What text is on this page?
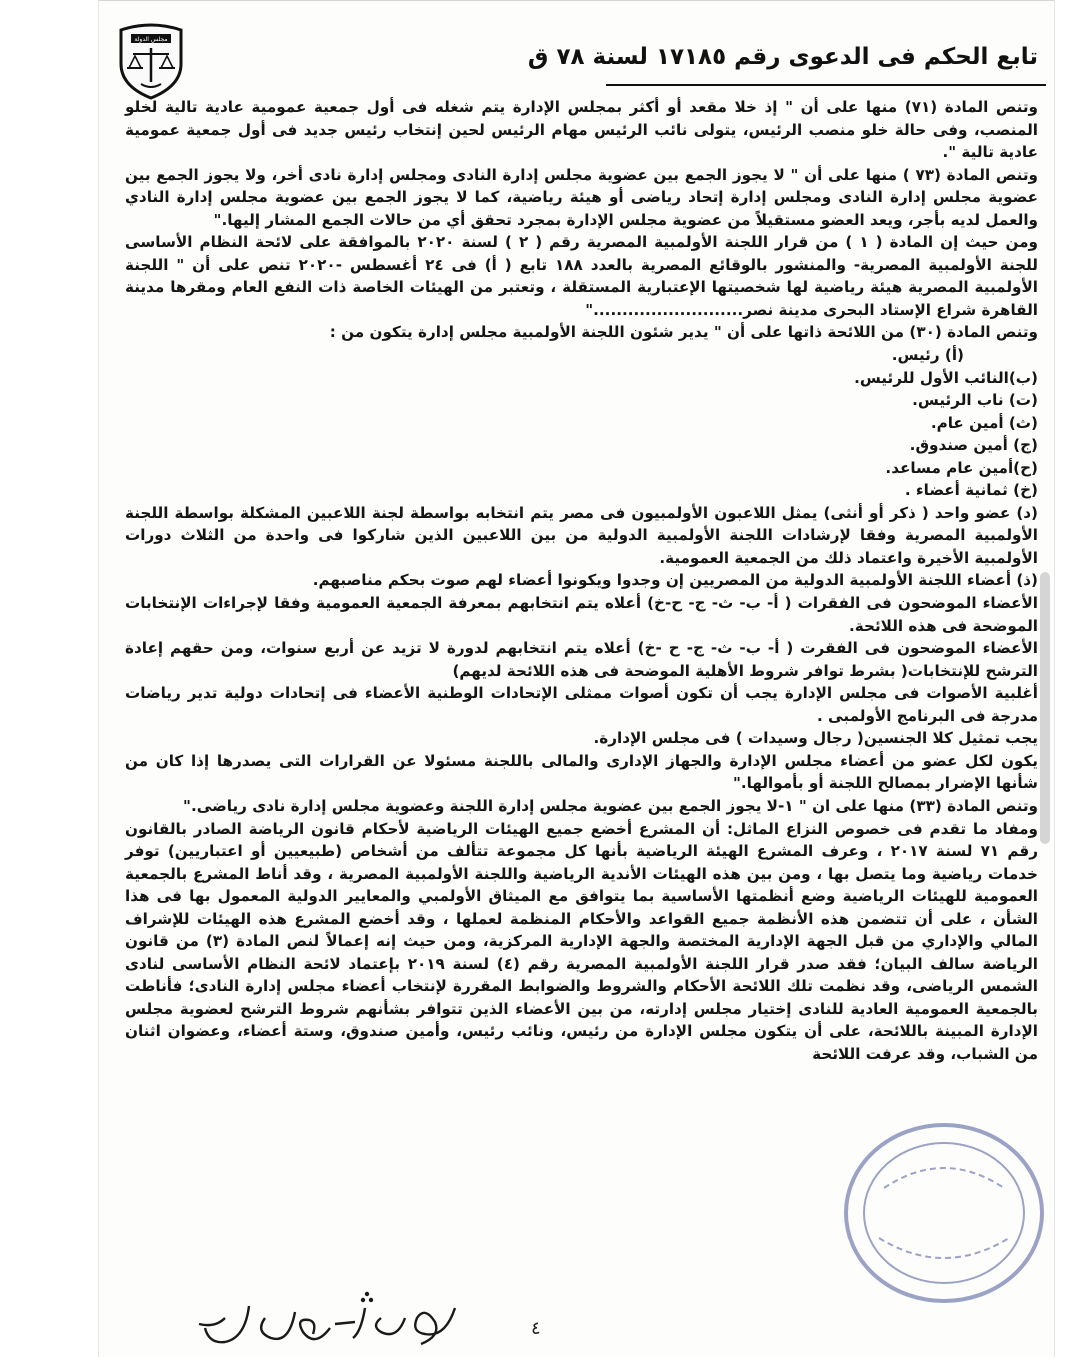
مجلس الدولة
تابع الحكم فى الدعوى رقم ١٧١٨٥ لسنة ٧٨ ق

وتنص المادة (٧١) منها على أن " إذ خلا مقعد أو أكثر بمجلس الإدارة يتم شغله فى أول جمعية عمومية عادية تالية لخلو المنصب، وفى حالة خلو منصب الرئيس، يتولى نائب الرئيس مهام الرئيس لحين إنتخاب رئيس جديد فى أول جمعية عمومية عادية تالية ".

وتنص المادة (٧٣ ) منها على أن " لا يجوز الجمع بين عضوية مجلس إدارة النادى ومجلس إدارة نادى أخر، ولا يجوز الجمع بين عضوية مجلس إدارة النادى ومجلس إدارة إتحاد رياضى أو هيئة رياضية، كما لا يجوز الجمع بين عضوية مجلس إدارة النادي والعمل لديه بأجر، ويعد العضو مستقيلاً من عضوية مجلس الإدارة بمجرد تحقق أي من حالات الجمع المشار إليها."

ومن حيث إن المادة ( ١ ) من قرار اللجنة الأولمبية المصرية رقم ( ٢ ) لسنة ٢٠٢٠ بالموافقة على لائحة النظام الأساسى للجنة الأولمبية المصرية- والمنشور بالوقائع المصرية بالعدد ١٨٨ تابع ( أ) فى ٢٤ أغسطس -٢٠٢٠ تنص على أن " اللجنة الأولمبية المصرية هيئة رياضية لها شخصيتها الإعتبارية المستقلة ، وتعتبر من الهيئات الخاصة ذات النفع العام ومقرها مدينة القاهرة شراع الإستاد البحرى مدينة نصر.........................."

وتنص المادة (٣٠) من اللائحة ذاتها على أن " يدير شئون اللجنة الأولمبية مجلس إدارة يتكون من :

(أ) رئيس.

(ب)النائب الأول للرئيس.

(ت) ناب الرئيس.

(ث) أمين عام.

(ج) أمين صندوق.

(ح)أمين عام مساعد.

(خ) ثمانية أعضاء .

(د) عضو واحد ( ذكر أو أنثى) يمثل اللاعبون الأولمبيون فى مصر يتم انتخابه بواسطة لجنة اللاعبين المشكلة بواسطة اللجنة الأولمبية المصرية وفقا لإرشادات اللجنة الأولمبية الدولية من بين اللاعبين الذين شاركوا فى واحدة من الثلاث دورات الأولمبية الأخيرة واعتماد ذلك من الجمعية العمومية.

(ذ) أعضاء اللجنة الأولمبية الدولية من المصريين إن وجدوا ويكونوا أعضاء لهم صوت بحكم مناصبهم.

الأعضاء الموضحون فى الفقرات ( أ- ب- ث- ج- ح-خ) أعلاه يتم انتخابهم بمعرفة الجمعية العمومية وفقا لإجراءات الإنتخابات الموضحة فى هذه اللائحة.

الأعضاء الموضحون فى الفقرت ( أ- ب- ث- ج- ح -خ) أعلاه يتم انتخابهم لدورة لا تزيد عن أربع سنوات، ومن حقهم إعادة الترشح للإنتخابات( بشرط توافر شروط الأهلية الموضحة فى هذه اللائحة لديهم)

أغلبية الأصوات فى مجلس الإدارة يجب أن تكون أصوات ممثلى الإتحادات الوطنية الأعضاء فى إتحادات دولية تدير رياضات مدرجة فى البرنامج الأولمبى .

يجب تمثيل كلا الجنسين( رجال وسيدات ) فى مجلس الإدارة.

يكون لكل عضو من أعضاء مجلس الإدارة والجهاز الإدارى والمالى باللجنة مسئولا عن القرارات التى يصدرها إذا كان من شأنها الإضرار بمصالح اللجنة أو بأموالها."

وتنص المادة (٣٣) منها على ان " ١-لا يجوز الجمع بين عضوية مجلس إدارة اللجنة وعضوية مجلس إدارة نادى رياضى."

ومفاد ما تقدم فى خصوص النزاع الماثل: أن المشرع أخضع جميع الهيئات الرياضية لأحكام قانون الرياضة الصادر بالقانون رقم ٧١ لسنة ٢٠١٧ ، وعرف المشرع الهيئة الرياضية بأنها كل مجموعة تتألف من أشخاص (طبيعيين أو اعتباريين) توفر خدمات رياضية وما يتصل بها ، ومن بين هذه الهيئات الأندية الرياضية واللجنة الأولمبية المصرية ، وقد أناط المشرع بالجمعية العمومية للهيئات الرياضية وضع أنظمتها الأساسية بما يتوافق مع الميثاق الأولمبي والمعايير الدولية المعمول بها فى هذا الشأن ، على أن تتضمن هذه الأنظمة جميع القواعد والأحكام المنظمة لعملها ، وقد أخضع المشرع هذه الهيئات للإشراف المالي والإداري من قبل الجهة الإدارية المختصة والجهة الإدارية المركزية، ومن حيث إنه إعمالاً لنص المادة (٣) من قانون الرياضة سالف البيان؛ فقد صدر قرار اللجنة الأولمبية المصرية رقم (٤) لسنة ٢٠١٩ بإعتماد لائحة النظام الأساسى لنادى الشمس الرياضى، وقد نظمت تلك اللائحة الأحكام والشروط والضوابط المقررة لإنتخاب أعضاء مجلس إدارة النادى؛ فأناطت بالجمعية العمومية العادية للنادى إختيار مجلس إدارته، من بين الأعضاء الذين تتوافر بشأنهم شروط الترشح لعضوية مجلس الإدارة المبينة باللائحة، على أن يتكون مجلس الإدارة من رئيس، ونائب رئيس، وأمين صندوق، وستة أعضاء، وعضوان اثنان من الشباب، وقد عرفت اللائحة

٤
